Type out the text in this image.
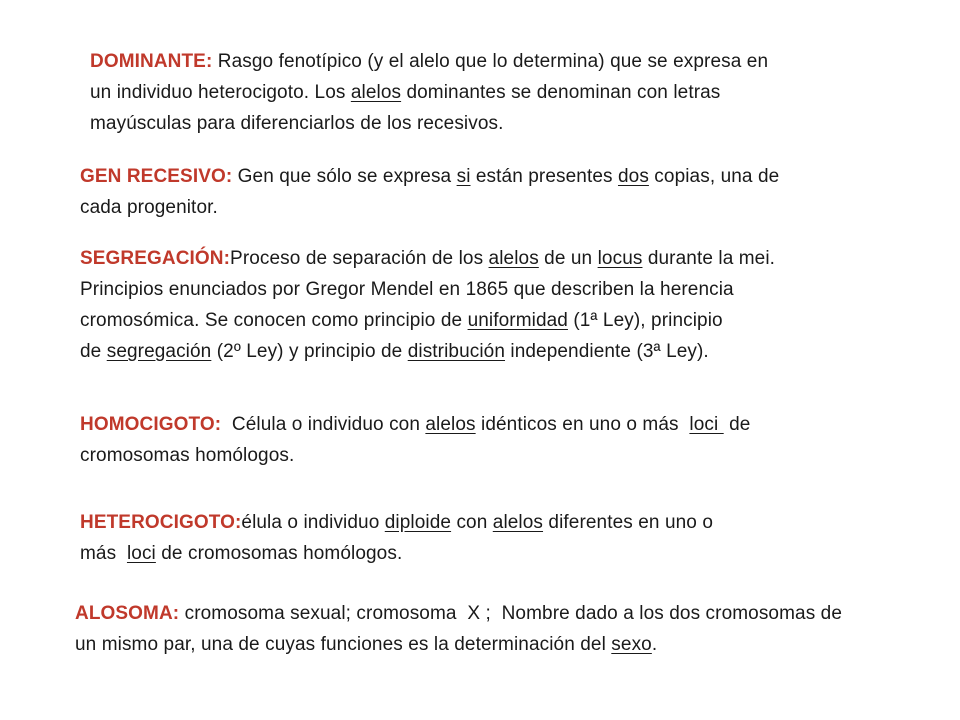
DOMINANTE: Rasgo fenotípico (y el alelo que lo determina) que se expresa en
un individuo heterocigoto. Los alelos dominantes se denominan con letras
mayúsculas para diferenciarlos de los recesivos.
GEN RECESIVO: Gen que sólo se expresa si están presentes dos copias, una de
cada progenitor.
SEGREGACIÓN:Proceso de separación de los alelos de un locus durante la mei.
Principios enunciados por Gregor Mendel en 1865 que describen la herencia
cromosómica. Se conocen como principio de uniformidad (1ª Ley), principio
de segregación (2º Ley) y principio de distribución independiente (3ª Ley).
HOMOCIGOTO:  Célula o individuo con alelos idénticos en uno o más  loci  de
cromosomas homólogos.
HETEROCIGOTO:élula o individuo diploide con alelos diferentes en uno o
más  loci de cromosomas homólogos.
ALOSOMA: cromosoma sexual; cromosoma  X ;  Nombre dado a los dos cromosomas de
un mismo par, una de cuyas funciones es la determinación del sexo.
